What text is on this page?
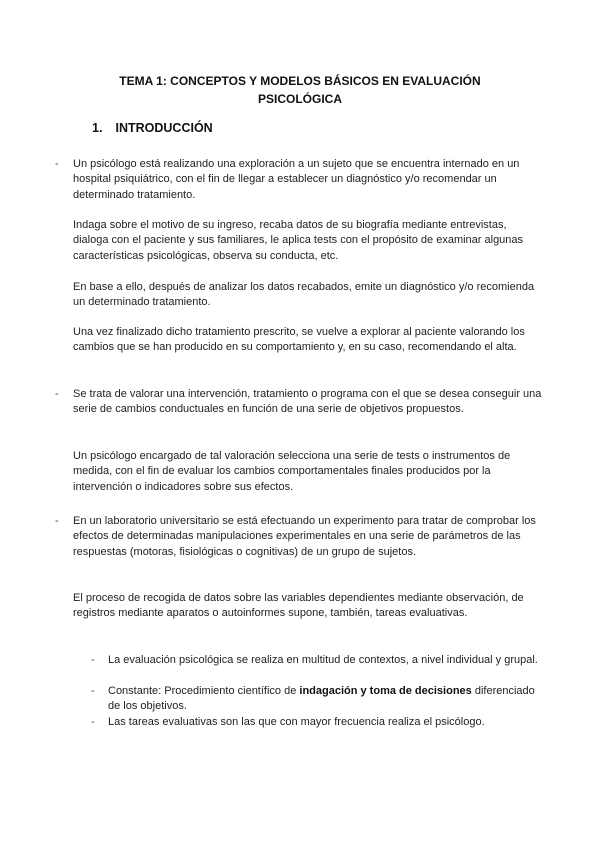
TEMA 1: CONCEPTOS Y MODELOS BÁSICOS EN EVALUACIÓN
PSICOLÓGICA
1. INTRODUCCIÓN
- Un psicólogo está realizando una exploración a un sujeto que se encuentra internado en un hospital psiquiátrico, con el fin de llegar a establecer un diagnóstico y/o recomendar un determinado tratamiento.
Indaga sobre el motivo de su ingreso, recaba datos de su biografía mediante entrevistas, dialoga con el paciente y sus familiares, le aplica tests con el propósito de examinar algunas características psicológicas, observa su conducta, etc.
En base a ello, después de analizar los datos recabados, emite un diagnóstico y/o recomienda un determinado tratamiento.
Una vez finalizado dicho tratamiento prescrito, se vuelve a explorar al paciente valorando los cambios que se han producido en su comportamiento y, en su caso, recomendando el alta.
- Se trata de valorar una intervención, tratamiento o programa con el que se desea conseguir una serie de cambios conductuales en función de una serie de objetivos propuestos.
Un psicólogo encargado de tal valoración selecciona una serie de tests o instrumentos de medida, con el fin de evaluar los cambios comportamentales finales producidos por la intervención o indicadores sobre sus efectos.
- En un laboratorio universitario se está efectuando un experimento para tratar de comprobar los efectos de determinadas manipulaciones experimentales en una serie de parámetros de las respuestas (motoras, fisiológicas o cognitivas) de un grupo de sujetos.
El proceso de recogida de datos sobre las variables dependientes mediante observación, de registros mediante aparatos o autoinformes supone, también, tareas evaluativas.
- La evaluación psicológica se realiza en multitud de contextos, a nivel individual y grupal.
- Constante: Procedimiento científico de indagación y toma de decisiones diferenciado de los objetivos.
- Las tareas evaluativas son las que con mayor frecuencia realiza el psicólogo.
